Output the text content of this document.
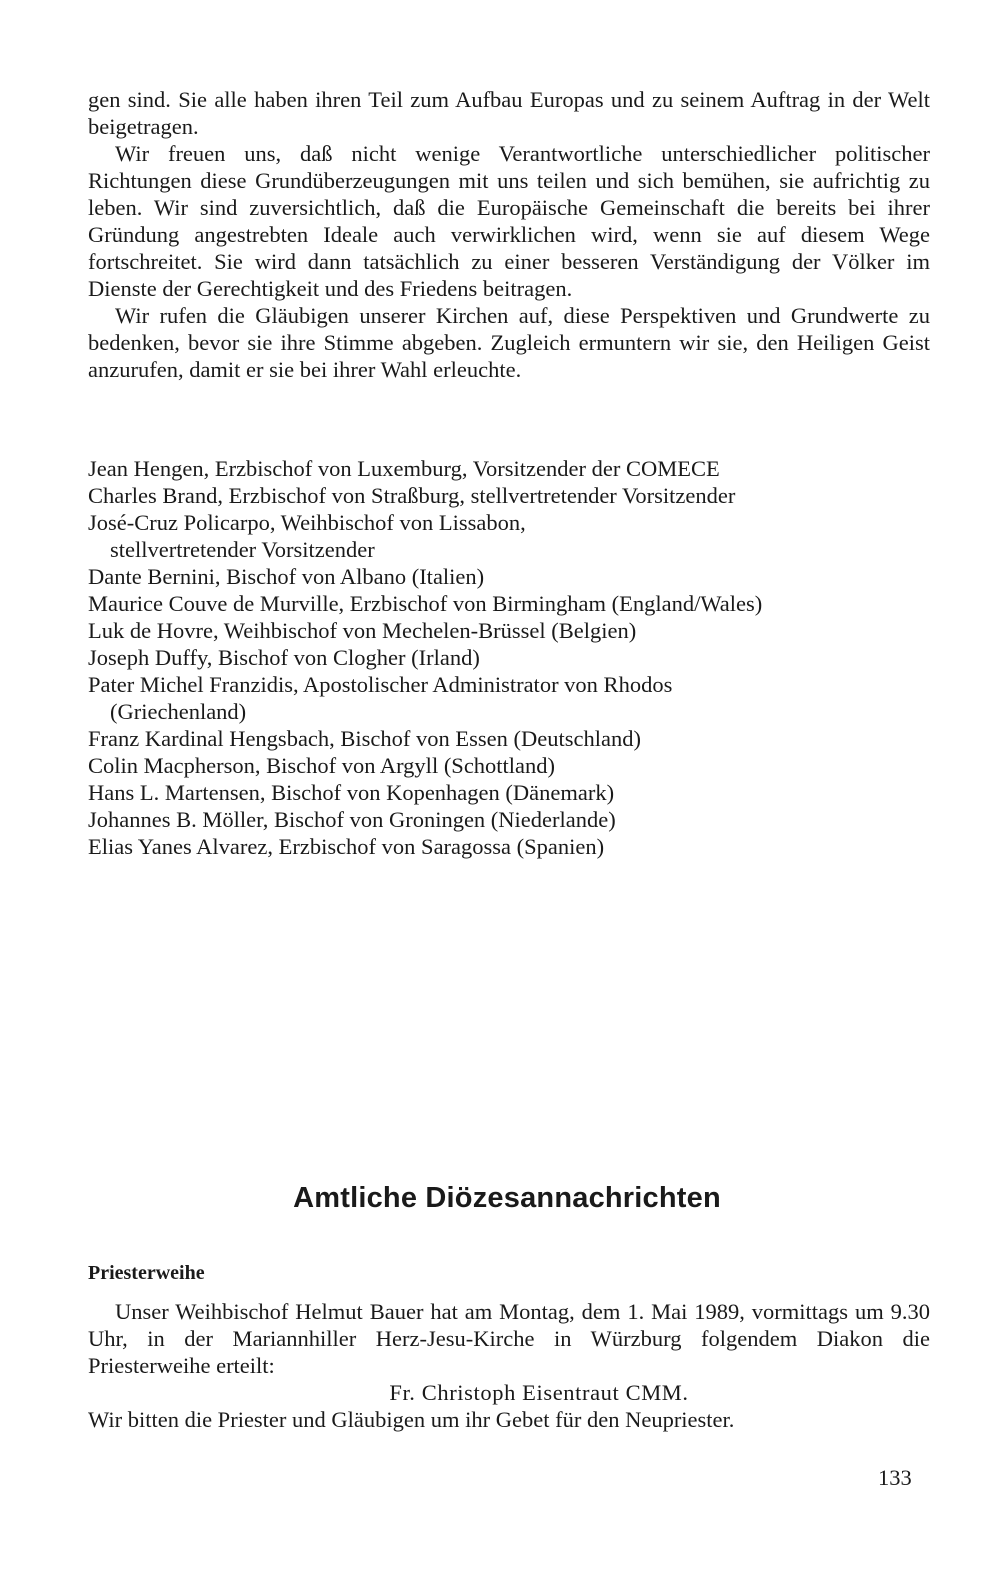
gen sind. Sie alle haben ihren Teil zum Aufbau Europas und zu seinem Auftrag in der Welt beigetragen.

Wir freuen uns, daß nicht wenige Verantwortliche unterschiedlicher politischer Richtungen diese Grundüberzeugungen mit uns teilen und sich bemühen, sie aufrichtig zu leben. Wir sind zuversichtlich, daß die Europäische Gemeinschaft die bereits bei ihrer Gründung angestrebten Ideale auch verwirklichen wird, wenn sie auf diesem Wege fortschreitet. Sie wird dann tatsächlich zu einer besseren Verständigung der Völker im Dienste der Gerechtigkeit und des Friedens beitragen.

Wir rufen die Gläubigen unserer Kirchen auf, diese Perspektiven und Grundwerte zu bedenken, bevor sie ihre Stimme abgeben. Zugleich ermuntern wir sie, den Heiligen Geist anzurufen, damit er sie bei ihrer Wahl erleuchte.

Jean Hengen, Erzbischof von Luxemburg, Vorsitzender der COMECE
Charles Brand, Erzbischof von Straßburg, stellvertretender Vorsitzender
José-Cruz Policarpo, Weihbischof von Lissabon,
stellvertretender Vorsitzender
Dante Bernini, Bischof von Albano (Italien)
Maurice Couve de Murville, Erzbischof von Birmingham (England/Wales)
Luk de Hovre, Weihbischof von Mechelen-Brüssel (Belgien)
Joseph Duffy, Bischof von Clogher (Irland)
Pater Michel Franzidis, Apostolischer Administrator von Rhodos
(Griechenland)
Franz Kardinal Hengsbach, Bischof von Essen (Deutschland)
Colin Macpherson, Bischof von Argyll (Schottland)
Hans L. Martensen, Bischof von Kopenhagen (Dänemark)
Johannes B. Möller, Bischof von Groningen (Niederlande)
Elias Yanes Alvarez, Erzbischof von Saragossa (Spanien)
Amtliche Diözesannachrichten
Priesterweihe

Unser Weihbischof Helmut Bauer hat am Montag, dem 1. Mai 1989, vormittags um 9.30 Uhr, in der Mariannhiller Herz-Jesu-Kirche in Würzburg folgendem Diakon die Priesterweihe erteilt:

Fr. Christoph Eisentraut CMM.

Wir bitten die Priester und Gläubigen um ihr Gebet für den Neupriester.

133
